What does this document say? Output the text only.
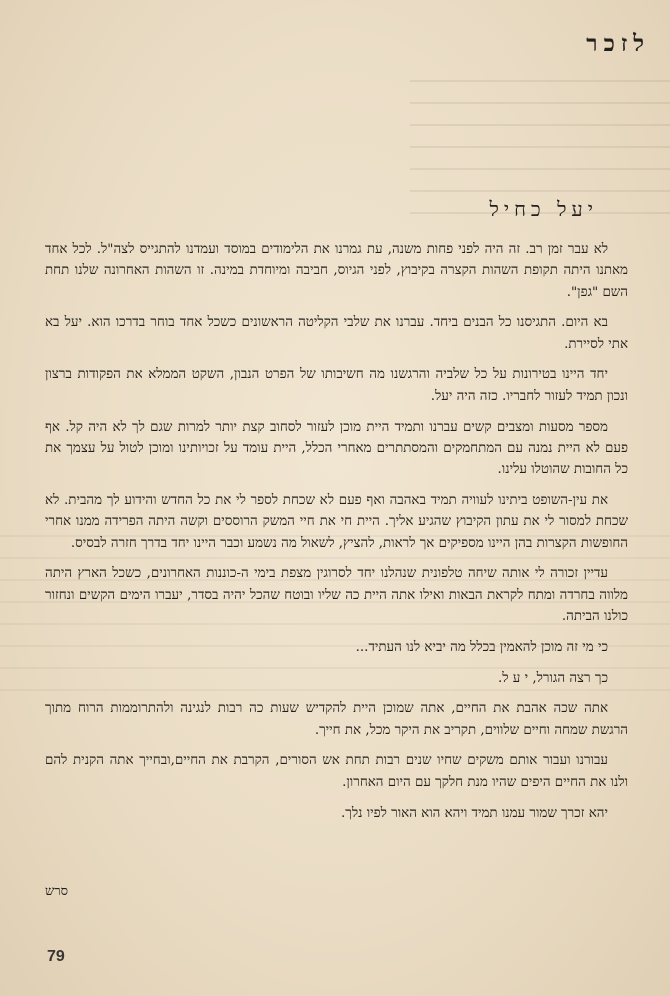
לזכר
יעל כחיל

לא עבר זמן רב. זה היה לפני פחות משנה, עת גמרנו את הלימודים במוסד ועמדנו להתגייס לצה"ל. לכל אחד מאתנו היתה תקופת השהות הקצרה בקיבוץ, לפני הגיוס, חביבה ומיוחדת במינה. זו השהות האחרונה שלנו תחת השם "גפן".

בא היום. התגיסנו כל הבנים ביחד. עברנו את שלבי הקליטה הראשונים כשכל אחד בוחר בדרכו הוא. יעל בא אתי לסיירת.

יחד היינו בטירונות על כל שלביה והרגשנו מה חשיבותו של הפרט הנבון, השקט הממלא את הפקודות ברצון ונכון תמיד לעזור לחבריו. כזה היה יעל.

מספר מסעות ומצבים קשים עברנו ותמיד היית מוכן לעזור לסחוב קצת יותר למרות שגם לך לא היה קל. אף פעם לא היית נמנה עם המתחמקים והמסתתרים מאחרי הכלל, היית עומד על זכויותינו ומוכן לטול על עצמך את כל החובות שהוטלו עלינו.

את עין-השופט ביתינו לעוויה תמיד באהבה ואף פעם לא שכחת לספר לי את כל החדש והידוע לך מהבית. לא שכחת למסור לי את עתון הקיבוץ שהגיע אליך. היית חי את חיי המשק הרוססים וקשה היתה הפרידה ממנו אחרי החופשות הקצרות בהן היינו מספיקים אך לראות, להציץ, לשאול מה נשמע וכבר היינו יחד בדרך חזרה לבסיס.

עדיין זכורה לי אותה שיחה טלפונית שנהלנו יחד לסרוגין מצפת בימי ה-כוננות האחרונים, כשכל הארץ היתה מלווה בחרדה ומתח לקראת הבאות ואילו אתה היית כה שליו ובוטח שהכל יהיה בסדר, יעברו הימים הקשים ונחזור כולנו הביתה.

כי מי זה מוכן להאמין בכלל מה יביא לנו העתיד...

כך רצה הגורל, י ע ל.

אתה שכה אהבת את החיים, אתה שמוכן היית להקדיש שעות כה רבות לנגינה ולהתרוממות הרוח מתוך הרגשת שמחה וחיים שלווים, תקריב את היקר מכל, את חייך.

עבורנו ועבור אותם משקים שחיו שנים רבות תחת אש הסורים, הקרבת את החיים,ובחייך אתה הקנית להם ולנו את החיים היפים שהיו מנת חלקך עם היום האחרון.

יהא זכרך שמור עמנו תמיד ויהא הוא האור לפיו נלך.

סרש
79
